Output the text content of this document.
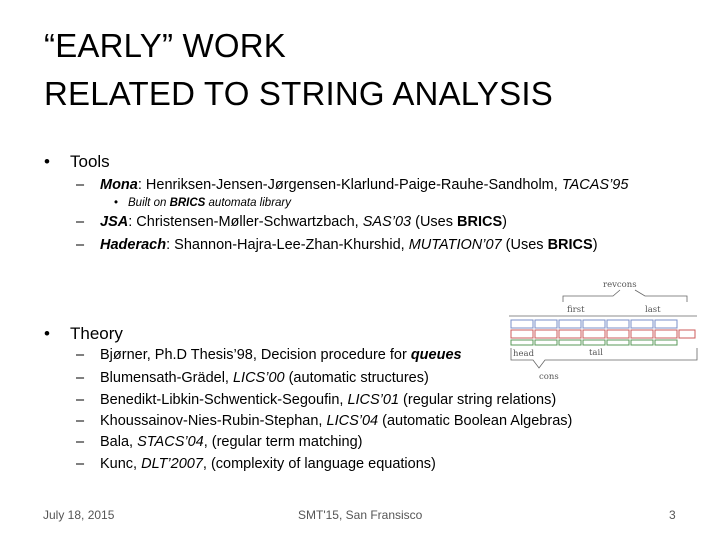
“EARLY” WORK
RELATED TO STRING ANALYSIS
• Tools
– Mona: Henriksen-Jensen-Jørgensen-Klarlund-Paige-Rauhe-Sandholm, TACAS’95
• Built on BRICS automata library
– JSA: Christensen-Møller-Schwartzbach, SAS’03 (Uses BRICS)
– Haderach: Shannon-Hajra-Lee-Zhan-Khurshid, MUTATION’07 (Uses BRICS)
• Theory
– Bjørner, Ph.D Thesis’98, Decision procedure for queues
– Blumensath-Grädel, LICS’00 (automatic structures)
– Benedikt-Libkin-Schwentick-Segoufin, LICS’01 (regular string relations)
– Khoussainov-Nies-Rubin-Stephan, LICS’04 (automatic Boolean Algebras)
– Bala, STACS’04, (regular term matching)
– Kunc, DLT’2007, (complexity of language equations)
revcons
first	last
head	tail
cons
July 18, 2015	SMT'15, San Fransisco	3
